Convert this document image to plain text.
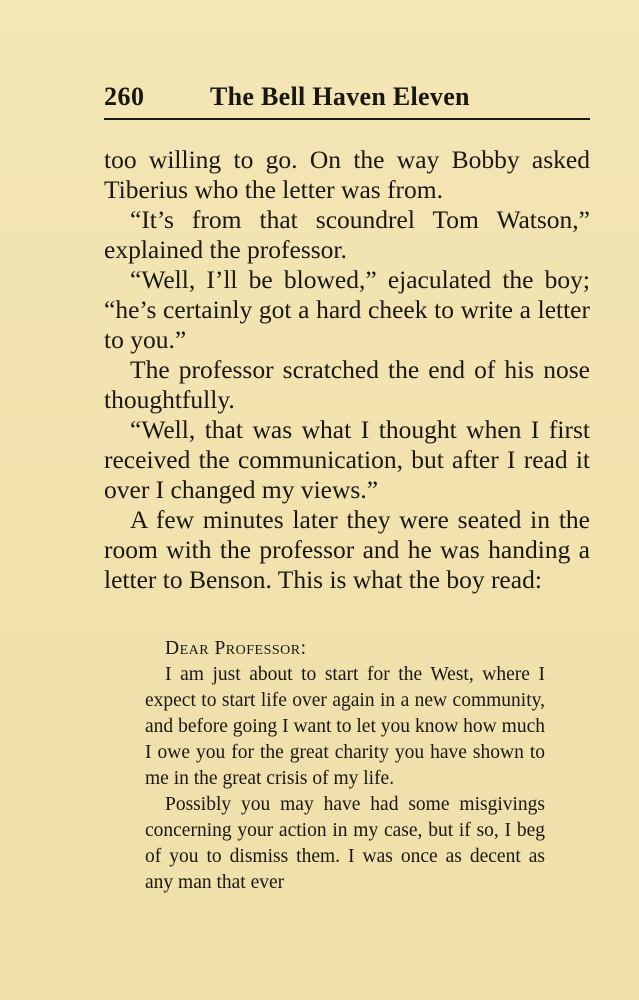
260	The Bell Haven Eleven

too willing to go. On the way Bobby asked Tiberius who the letter was from.

“It’s from that scoundrel Tom Watson,” explained the professor.

“Well, I’ll be blowed,” ejaculated the boy; “he’s certainly got a hard cheek to write a letter to you.”

The professor scratched the end of his nose thoughtfully.

“Well, that was what I thought when I first received the communication, but after I read it over I changed my views.”

A few minutes later they were seated in the room with the professor and he was handing a letter to Benson. This is what the boy read:

Dear Professor:

I am just about to start for the West, where I expect to start life over again in a new community, and before going I want to let you know how much I owe you for the great charity you have shown to me in the great crisis of my life.

Possibly you may have had some misgivings concerning your action in my case, but if so, I beg of you to dismiss them. I was once as decent as any man that ever
